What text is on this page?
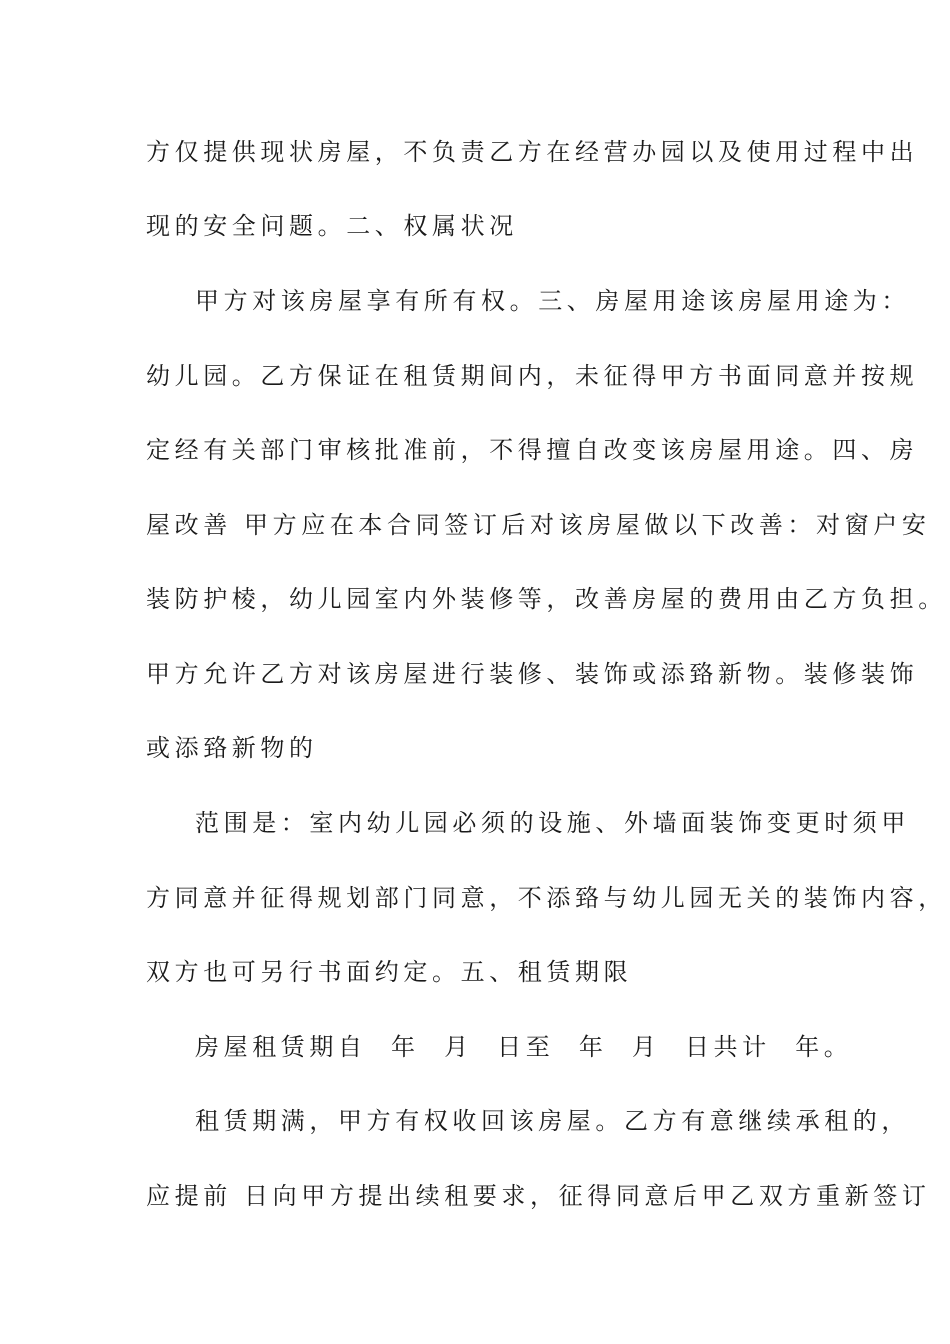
方仅提供现状房屋，不负责乙方在经营办园以及使用过程中出
现的安全问题。二、权属状况
甲方对该房屋享有所有权。三、房屋用途该房屋用途为：
幼儿园。乙方保证在租赁期间内，未征得甲方书面同意并按规
定经有关部门审核批准前，不得擅自改变该房屋用途。四、房
屋改善 甲方应在本合同签订后对该房屋做以下改善：对窗户安
装防护棱，幼儿园室内外装修等，改善房屋的费用由乙方负担。
甲方允许乙方对该房屋进行装修、装饰或添臵新物。装修装饰
或添臵新物的
范围是：室内幼儿园必须的设施、外墙面装饰变更时须甲
方同意并征得规划部门同意，不添臵与幼儿园无关的装饰内容，
双方也可另行书面约定。五、租赁期限
房屋租赁期自  年  月  日至  年  月  日共计  年。
租赁期满，甲方有权收回该房屋。乙方有意继续承租的，
应提前 日向甲方提出续租要求，征得同意后甲乙双方重新签订
